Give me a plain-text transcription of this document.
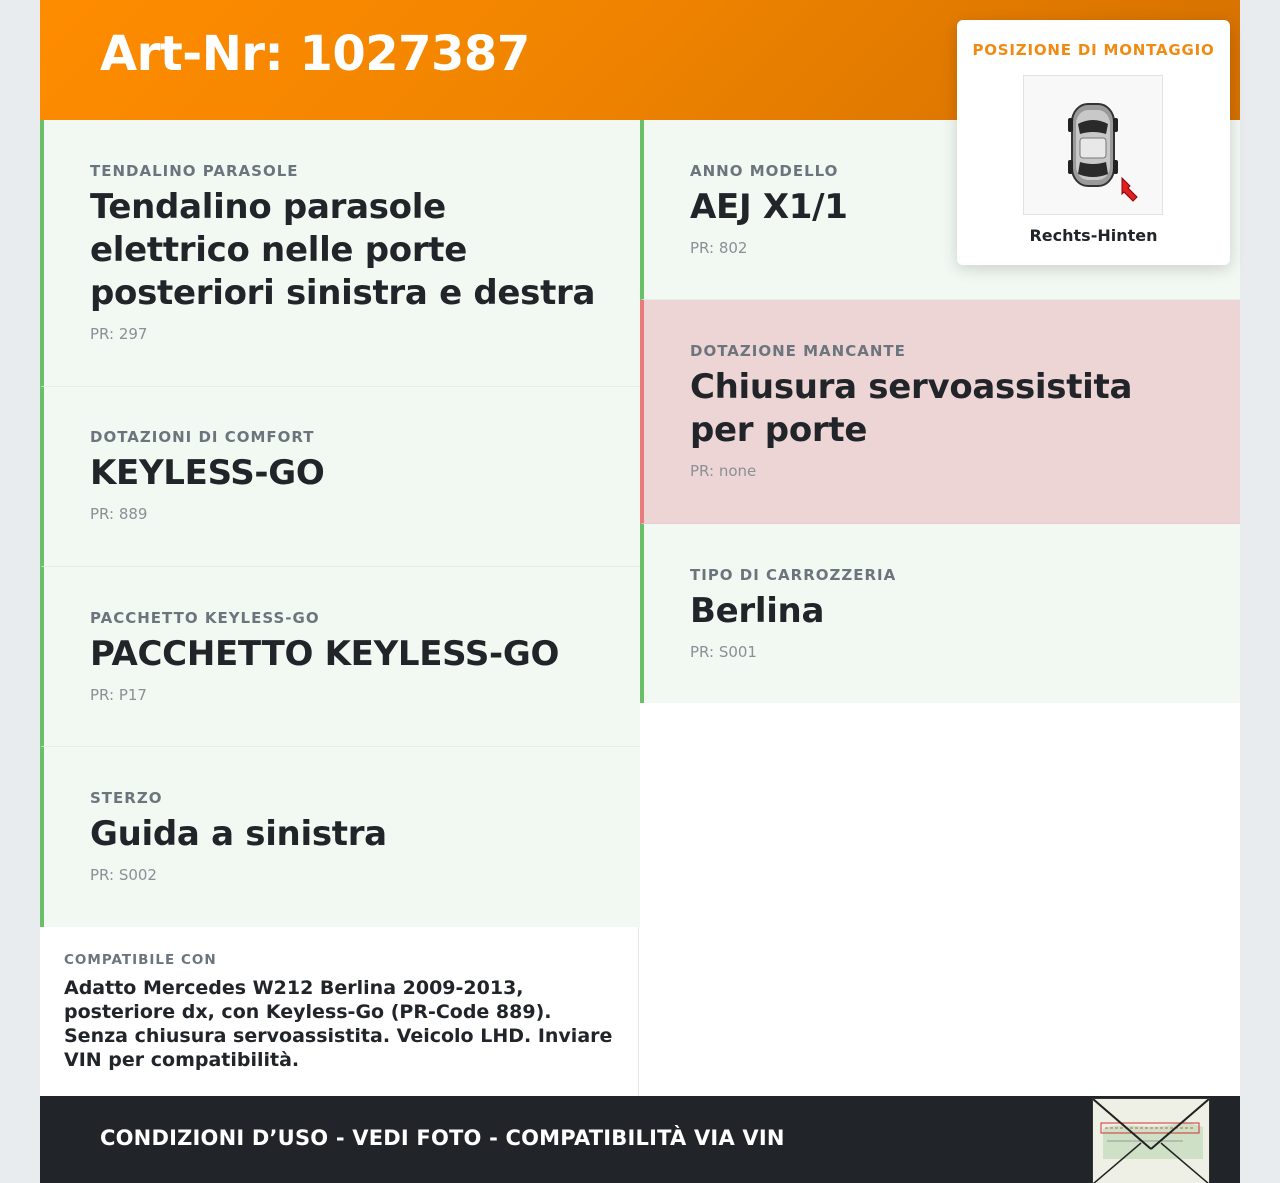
Art-Nr: 1027387
TENDALINO PARASOLE
Tendalino parasole elettrico nelle porte posteriori sinistra e destra
PR: 297
DOTAZIONI DI COMFORT
KEYLESS-GO
PR: 889
PACCHETTO KEYLESS-GO
PACCHETTO KEYLESS-GO
PR: P17
STERZO
Guida a sinistra
PR: S002
ANNO MODELLO
AEJ X1/1
PR: 802
DOTAZIONE MANCANTE
Chiusura servoassistita per porte
PR: none
TIPO DI CARROZZERIA
Berlina
PR: S001
COMPATIBILE CON
Adatto Mercedes W212 Berlina 2009-2013, posteriore dx, con Keyless-Go (PR-Code 889). Senza chiusura servoassistita. Veicolo LHD. Inviare VIN per compatibilità.
CONDIZIONI D’USO - VEDI FOTO - COMPATIBILITÀ VIA VIN
POSIZIONE DI MONTAGGIO
Rechts-Hinten
